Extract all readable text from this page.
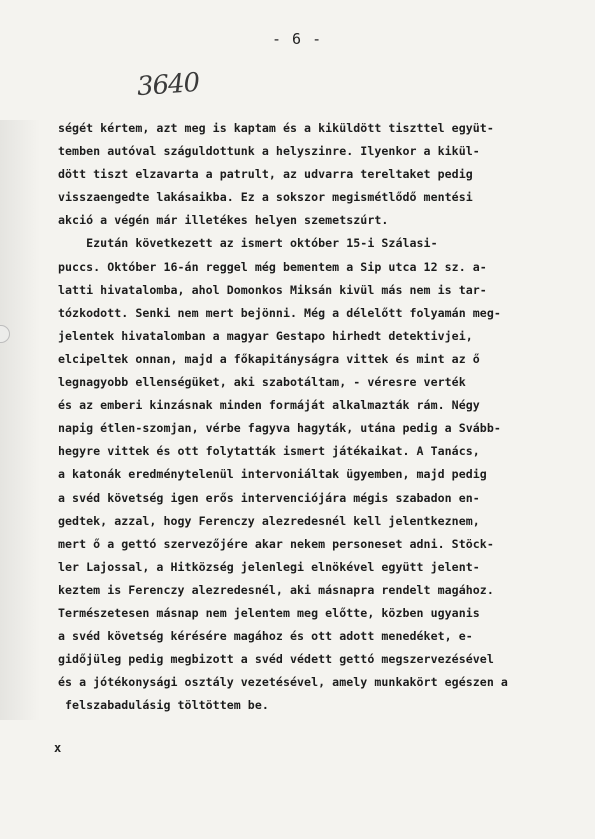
- 6 -
3640
ségét kértem, azt meg is kaptam és a kiküldött tiszttel együt-
temben autóval száguldottunk a helyszinre. Ilyenkor a kikül-
dött tiszt elzavarta a patrult, az udvarra tereltaket pedig
visszaengedte lakásaikba. Ez a sokszor megismétlődő mentési
akció a végén már illetékes helyen szemetszúrt.
Ezután következett az ismert október 15-i Szálasi-
puccs. Október 16-án reggel még bementem a Sip utca 12 sz. a-
latti hivatalomba, ahol Domonkos Miksán kivül más nem is tar-
tózkodott. Senki nem mert bejönni. Még a délelőtt folyamán meg-
jelentek hivatalomban a magyar Gestapo hirhedt detektivjei,
elcipeltek onnan, majd a főkapitányságra vittek és mint az ő
legnagyobb ellenségüket, aki szabotáltam, - véresre verték
és az emberi kinzásnak minden formáját alkalmazták rám. Négy
napig étlen-szomjan, vérbe fagyva hagyták, utána pedig a Svább-
hegyre vittek és ott folytatták ismert játékaikat. A Tanács,
a katonák eredménytelenül intervoniáltak ügyemben, majd pedig
a svéd követség igen erős intervenciójára mégis szabadon en-
gedtek, azzal, hogy Ferenczy alezredesnél kell jelentkeznem,
mert ő a gettó szervezőjére akar nekem personeset adni. Stöck-
ler Lajossal, a Hitközség jelenlegi elnökével együtt jelent-
keztem is Ferenczy alezredesnél, aki másnapra rendelt magához.
Természetesen másnap nem jelentem meg előtte, közben ugyanis
a svéd követség kérésére magához és ott adott menedéket, e-
gidőjüleg pedig megbizott a svéd védett gettó megszervezésével
és a jótékonysági osztály vezetésével, amely munkakört egészen a
felszabadulásig töltöttem be.
x
